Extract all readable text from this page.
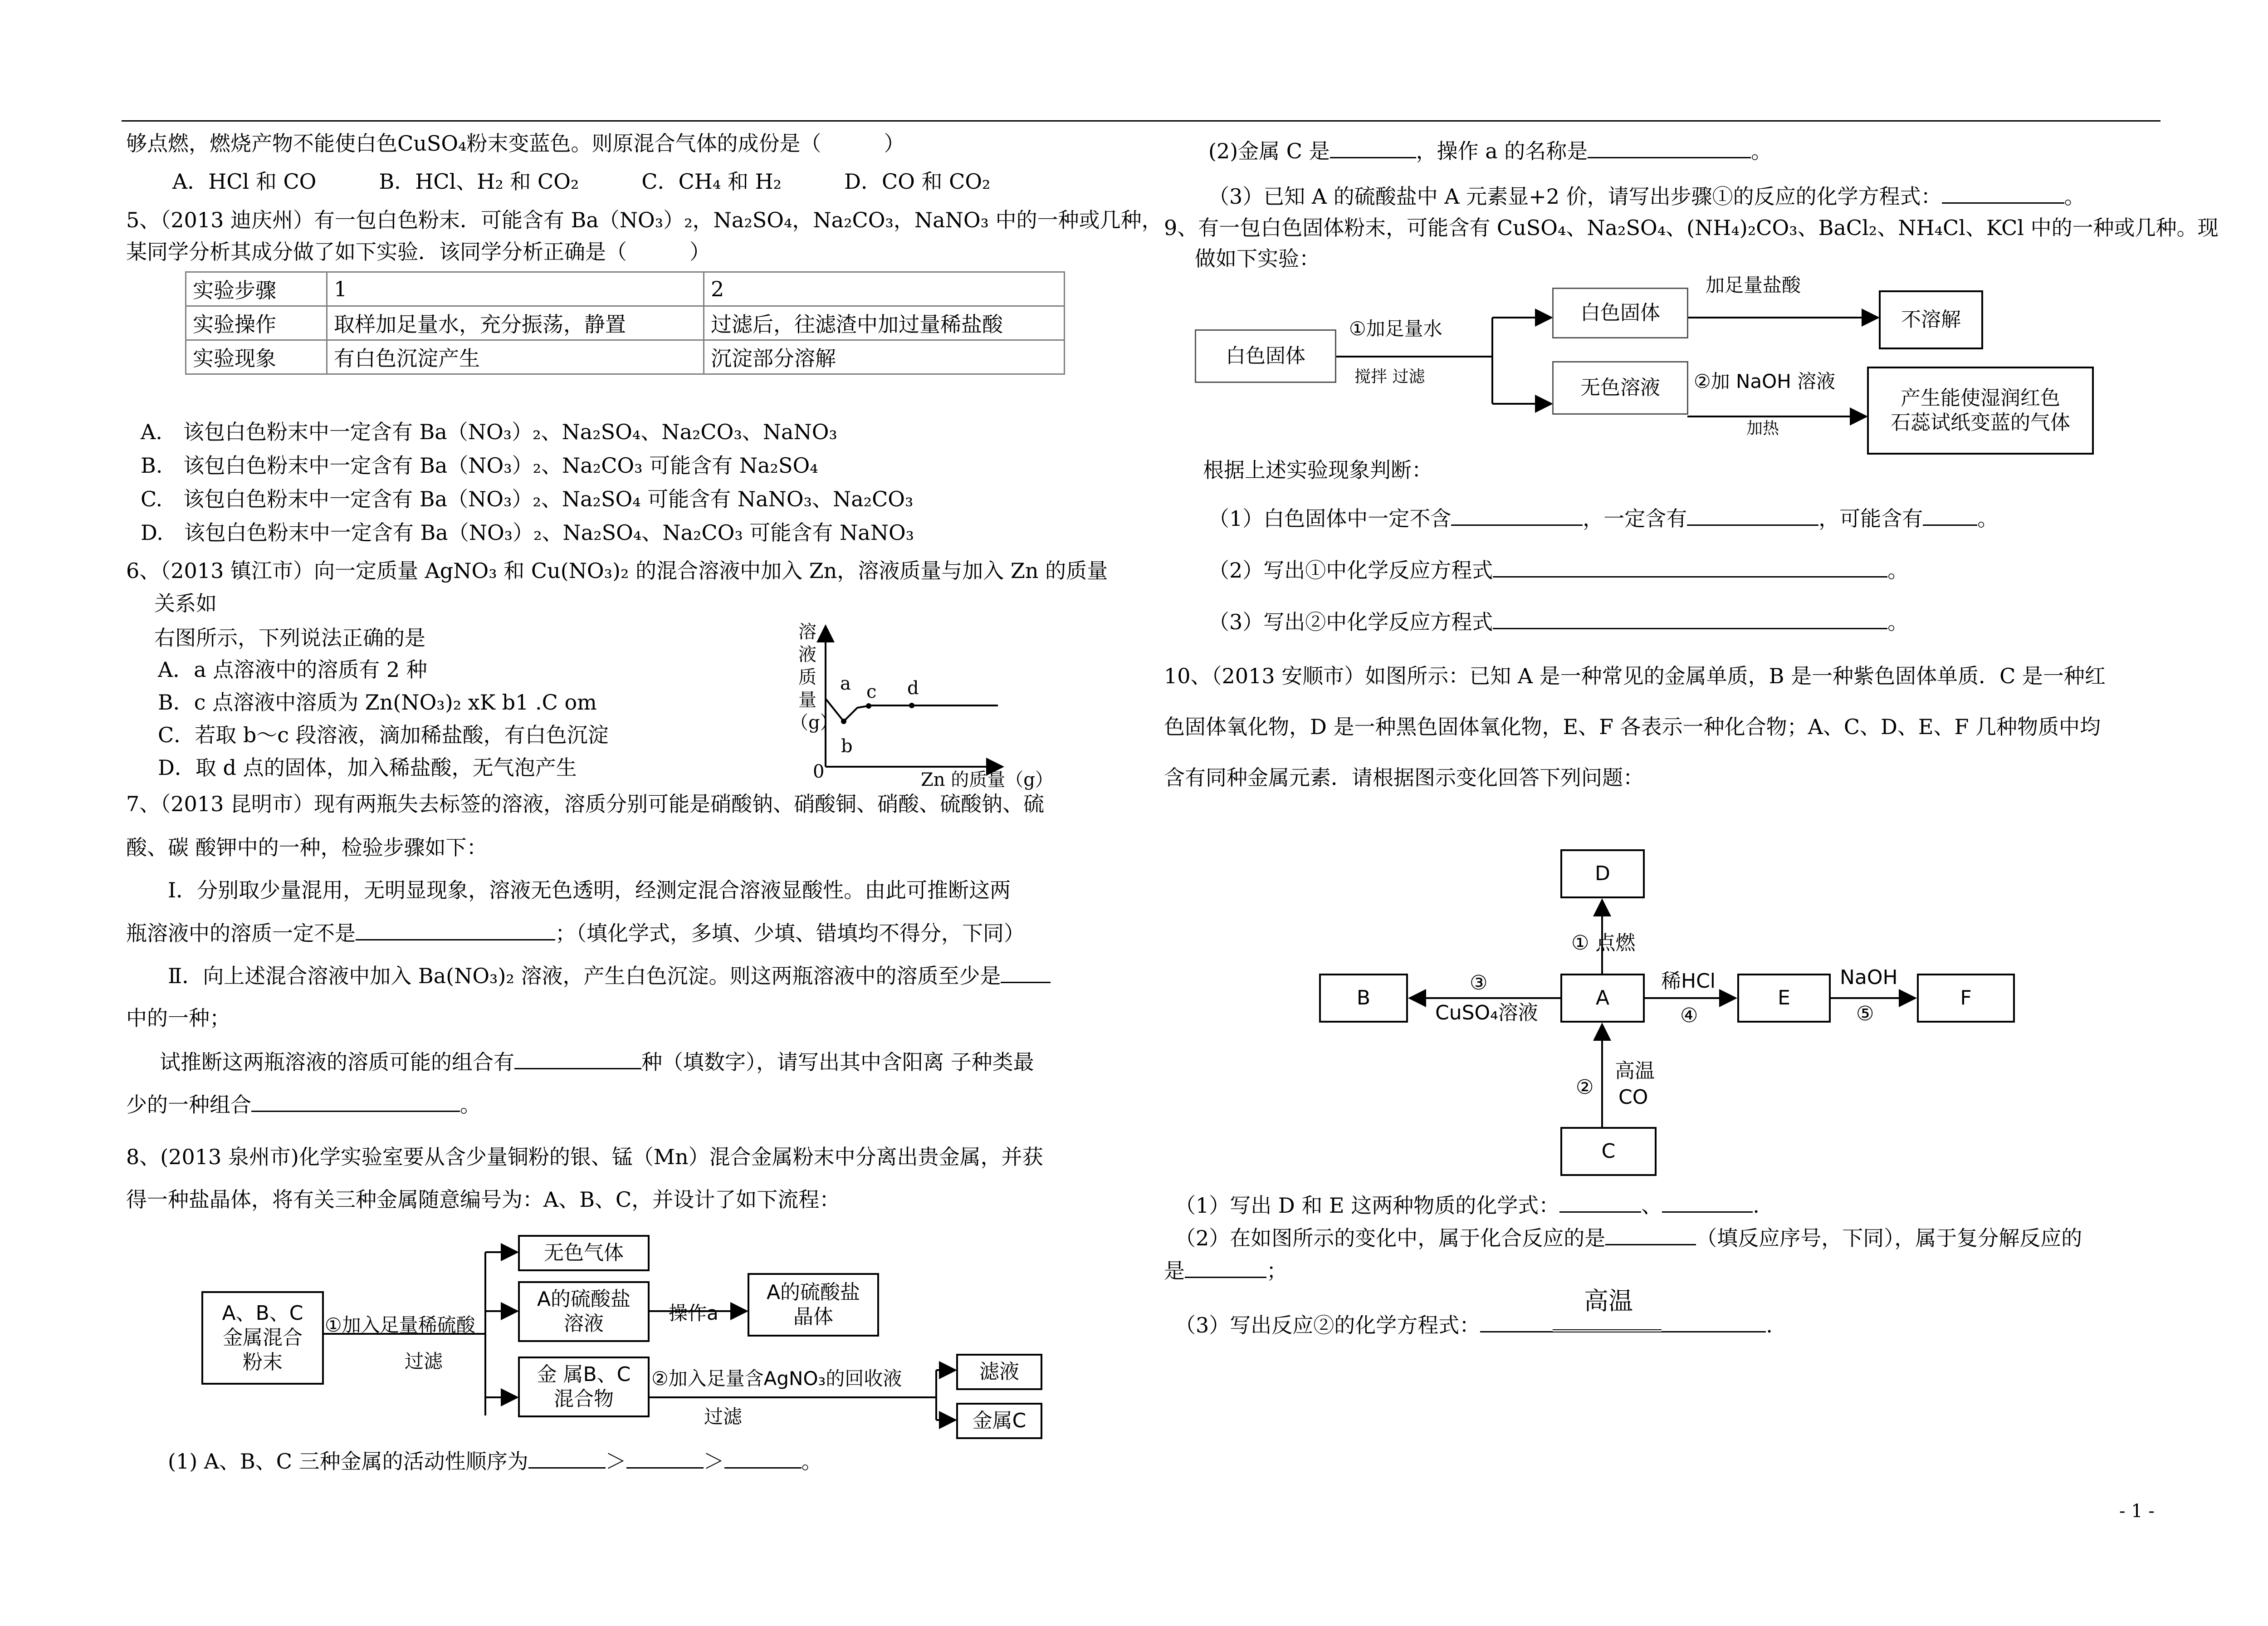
够点燃，燃烧产物不能使白色CuSO₄粉末变蓝色。则原混合气体的成份是（　　　）
A．HCl 和 CO　　　B．HCl、H₂ 和 CO₂　　　C．CH₄ 和 H₂　　　D．CO 和 CO₂
5、（2013 迪庆州）有一包白色粉末．可能含有 Ba（NO₃）₂，Na₂SO₄，Na₂CO₃，NaNO₃ 中的一种或几种，
某同学分析其成分做了如下实验．该同学分析正确是（　　　）
实验步骤	1	2
实验操作	取样加足量水，充分振荡，静置	过滤后，往滤渣中加过量稀盐酸
实验现象	有白色沉淀产生	沉淀部分溶解
A.　该包白色粉末中一定含有 Ba（NO₃）₂、Na₂SO₄、Na₂CO₃、NaNO₃
B.　该包白色粉末中一定含有 Ba（NO₃）₂、Na₂CO₃ 可能含有 Na₂SO₄
C.　该包白色粉末中一定含有 Ba（NO₃）₂、Na₂SO₄ 可能含有 NaNO₃、Na₂CO₃
D.　该包白色粉末中一定含有 Ba（NO₃）₂、Na₂SO₄、Na₂CO₃ 可能含有 NaNO₃
6、（2013 镇江市）向一定质量 AgNO₃ 和 Cu(NO₃)₂ 的混合溶液中加入 Zn，溶液质量与加入 Zn 的质量
关系如
右图所示，下列说法正确的是
A．a 点溶液中的溶质有 2 种
B．c 点溶液中溶质为 Zn(NO₃)₂ xK b1 .C om
C．若取 b～c 段溶液，滴加稀盐酸，有白色沉淀
D．取 d 点的固体，加入稀盐酸，无气泡产生
溶
液
质
量
（g）
a
b
c d
0	Zn 的质量（g）
7、（2013 昆明市）现有两瓶失去标签的溶液，溶质分别可能是硝酸钠、硝酸铜、硝酸、硫酸钠、硫
酸、碳 酸钾中的一种，检验步骤如下：
Ⅰ．分别取少量混用，无明显现象，溶液无色透明，经测定混合溶液显酸性。由此可推断这两
瓶溶液中的溶质一定不是	；（填化学式，多填、少填、错填均不得分，下同）
Ⅱ．向上述混合溶液中加入 Ba(NO₃)₂ 溶液，产生白色沉淀。则这两瓶溶液中的溶质至少是
中的一种；
试推断这两瓶溶液的溶质可能的组合有	种（填数字），请写出其中含阳离 子种类最
少的一种组合	。
8、(2013 泉州市)化学实验室要从含少量铜粉的银、锰（Mn）混合金属粉末中分离出贵金属，并获
得一种盐晶体，将有关三种金属随意编号为：A、B、C，并设计了如下流程：
A、B、C
金属混合
粉末
①加入足量稀硫酸
过滤
无色气体
A的硫酸盐
溶液	操作a
A的硫酸盐
晶体
金 属B、C
混合物
②加入足量含AgNO₃的回收液
过滤
滤液
金属C
(1) A、B、C 三种金属的活动性顺序为	＞	＞	。
(2)金属 C 是	，操作 a 的名称是	。
（3）已知 A 的硫酸盐中 A 元素显+2 价，请写出步骤①的反应的化学方程式：	。
9、有一包白色固体粉末，可能含有 CuSO₄、Na₂SO₄、(NH₄)₂CO₃、BaCl₂、NH₄Cl、KCl 中的一种或几种。现
做如下实验：
白色固体
①加足量水
搅拌 过滤
白色固体
加足量盐酸
不溶解
无色溶液 ②加 NaOH 溶液
加热
产生能使湿润红色
石蕊试纸变蓝的气体
根据上述实验现象判断：
（1）白色固体中一定不含	，一定含有	，可能含有	。
（2）写出①中化学反应方程式	。
（3）写出②中化学反应方程式	。
10、（2013 安顺市）如图所示：已知 A 是一种常见的金属单质，B 是一种紫色固体单质．C 是一种红
色固体氧化物，D 是一种黑色固体氧化物，E、F 各表示一种化合物；A、C、D、E、F 几种物质中均
含有同种金属元素．请根据图示变化回答下列问题：
D
A
B	E	F
C
① 点燃
②
高温
CO
③
CuSO₄溶液
稀HCl
④
NaOH
⑤
（1）写出 D 和 E 这两种物质的化学式：	、	.
（2）在如图所示的变化中，属于化合反应的是	（填反应序号，下同），属于复分解反应的
是	；
（3）写出反应②的化学方程式：	.
高温
- 1 -
